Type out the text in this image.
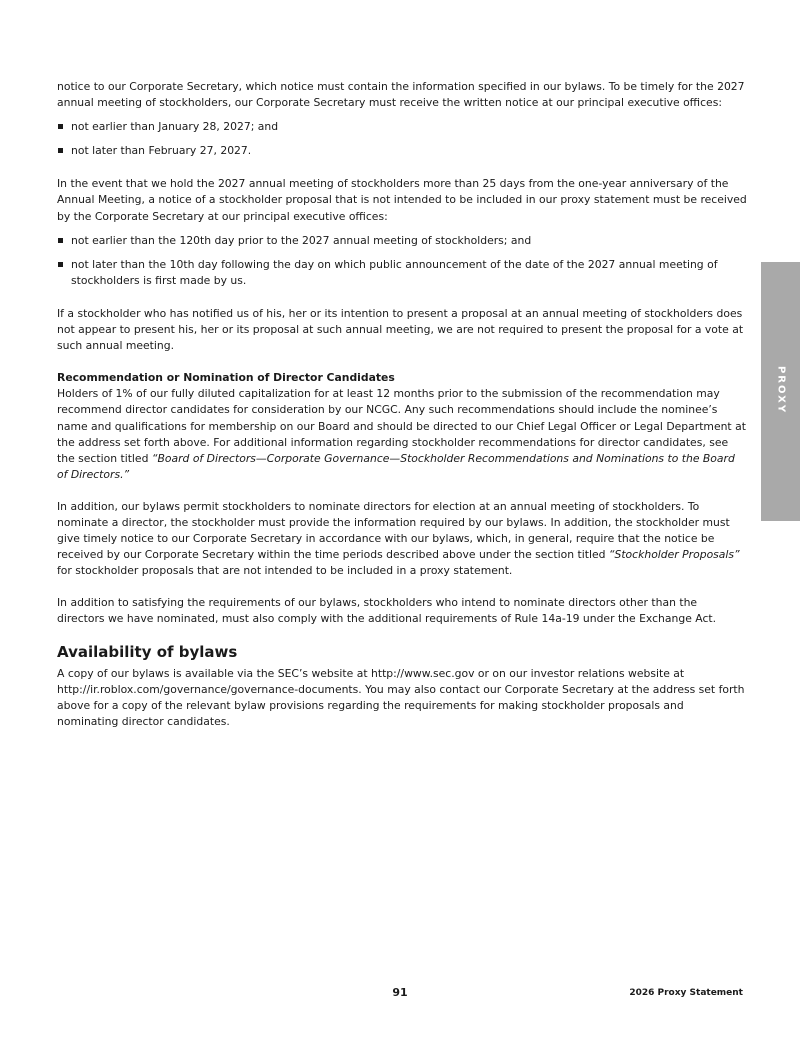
notice to our Corporate Secretary, which notice must contain the information specified in our bylaws. To be timely for the 2027 annual meeting of stockholders, our Corporate Secretary must receive the written notice at our principal executive offices:

not earlier than January 28, 2027; and
not later than February 27, 2027.

In the event that we hold the 2027 annual meeting of stockholders more than 25 days from the one-year anniversary of the Annual Meeting, a notice of a stockholder proposal that is not intended to be included in our proxy statement must be received by the Corporate Secretary at our principal executive offices:

not earlier than the 120th day prior to the 2027 annual meeting of stockholders; and
not later than the 10th day following the day on which public announcement of the date of the 2027 annual meeting of stockholders is first made by us.

If a stockholder who has notified us of his, her or its intention to present a proposal at an annual meeting of stockholders does not appear to present his, her or its proposal at such annual meeting, we are not required to present the proposal for a vote at such annual meeting.

Recommendation or Nomination of Director Candidates

Holders of 1% of our fully diluted capitalization for at least 12 months prior to the submission of the recommendation may recommend director candidates for consideration by our NCGC. Any such recommendations should include the nominee’s name and qualifications for membership on our Board and should be directed to our Chief Legal Officer or Legal Department at the address set forth above. For additional information regarding stockholder recommendations for director candidates, see the section titled “Board of Directors—Corporate Governance—Stockholder Recommendations and Nominations to the Board of Directors.”

In addition, our bylaws permit stockholders to nominate directors for election at an annual meeting of stockholders. To nominate a director, the stockholder must provide the information required by our bylaws. In addition, the stockholder must give timely notice to our Corporate Secretary in accordance with our bylaws, which, in general, require that the notice be received by our Corporate Secretary within the time periods described above under the section titled “Stockholder Proposals” for stockholder proposals that are not intended to be included in a proxy statement.

In addition to satisfying the requirements of our bylaws, stockholders who intend to nominate directors other than the directors we have nominated, must also comply with the additional requirements of Rule 14a-19 under the Exchange Act.

Availability of bylaws

A copy of our bylaws is available via the SEC’s website at http://www.sec.gov or on our investor relations website at http://ir.roblox.com/governance/governance-documents. You may also contact our Corporate Secretary at the address set forth above for a copy of the relevant bylaw provisions regarding the requirements for making stockholder proposals and nominating director candidates.

PROXY
91	2026 Proxy Statement
